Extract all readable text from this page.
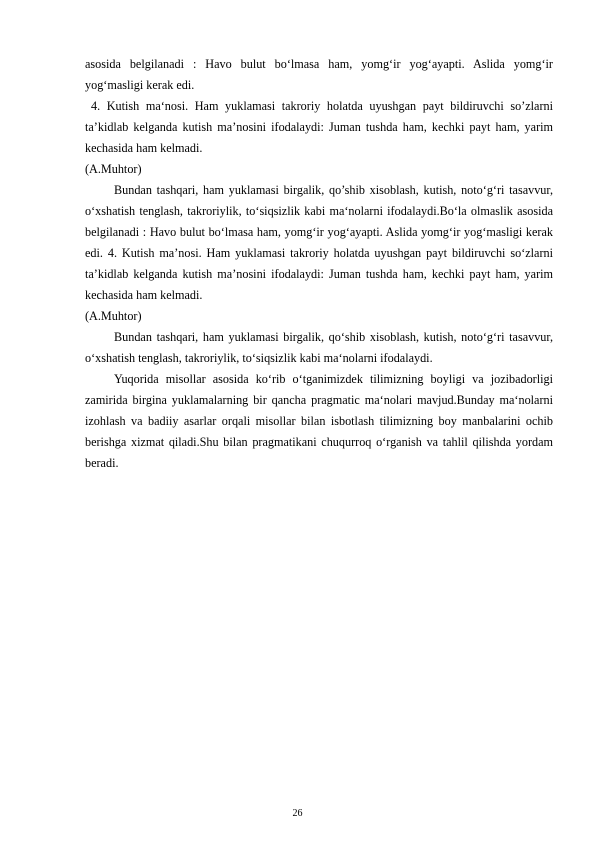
asosida belgilanadi : Havo bulut bo‘lmasa ham, yomg‘ir yog‘ayapti. Aslida yomg‘ir yog‘masligi kerak edi.

4. Kutish ma‘nosi. Ham yuklamasi takroriy holatda uyushgan payt bildiruvchi so’zlarni ta’kidlab kelganda kutish ma’nosini ifodalaydi: Juman tushda ham, kechki payt ham, yarim kechasida ham kelmadi.

(A.Muhtor)

Bundan tashqari, ham yuklamasi birgalik, qo’shib xisoblash, kutish, noto‘g‘ri tasavvur, o‘xshatish tenglash, takroriylik, to‘siqsizlik kabi ma‘nolarni ifodalaydi.Bo‘la olmaslik asosida belgilanadi : Havo bulut bo‘lmasa ham, yomg‘ir yog‘ayapti. Aslida yomg‘ir yog‘masligi kerak edi. 4. Kutish ma’nosi. Ham yuklamasi takroriy holatda uyushgan payt bildiruvchi so‘zlarni ta’kidlab kelganda kutish ma’nosini ifodalaydi: Juman tushda ham, kechki payt ham, yarim kechasida ham kelmadi.

(A.Muhtor)

Bundan tashqari, ham yuklamasi birgalik, qo‘shib xisoblash, kutish, noto‘g‘ri tasavvur, o‘xshatish tenglash, takroriylik, to‘siqsizlik kabi ma‘nolarni ifodalaydi.

Yuqorida misollar asosida ko‘rib o‘tganimizdek tilimizning boyligi va jozibadorligi zamirida birgina yuklamalarning bir qancha pragmatic ma‘nolari mavjud.Bunday ma‘nolarni izohlash va badiiy asarlar orqali misollar bilan isbotlash tilimizning boy manbalarini ochib berishga xizmat qiladi.Shu bilan pragmatikani chuqurroq o‘rganish va tahlil qilishda yordam beradi.

26
